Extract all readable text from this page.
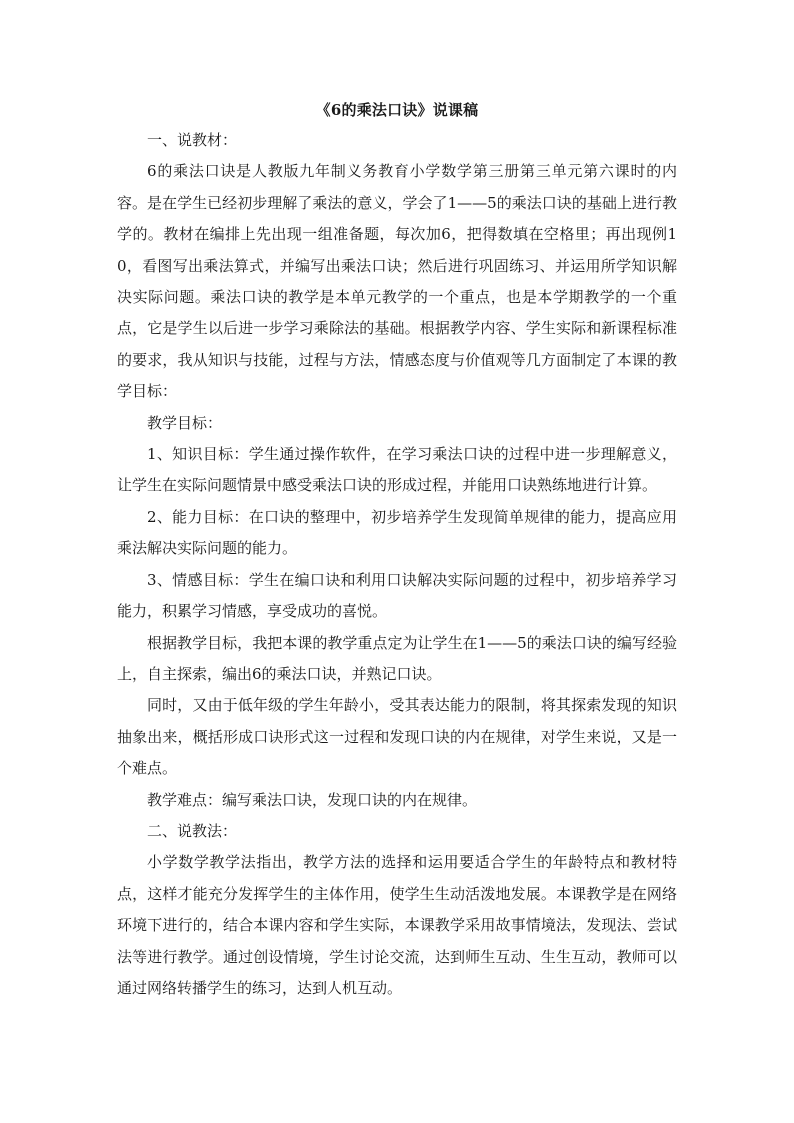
《6的乘法口诀》说课稿

一、说教材：

6的乘法口诀是人教版九年制义务教育小学数学第三册第三单元第六课时的内容。是在学生已经初步理解了乘法的意义，学会了1——5的乘法口诀的基础上进行教学的。教材在编排上先出现一组准备题，每次加6，把得数填在空格里；再出现例10，看图写出乘法算式，并编写出乘法口诀；然后进行巩固练习、并运用所学知识解决实际问题。乘法口诀的教学是本单元教学的一个重点，也是本学期教学的一个重点，它是学生以后进一步学习乘除法的基础。根据教学内容、学生实际和新课程标准的要求，我从知识与技能，过程与方法，情感态度与价值观等几方面制定了本课的教学目标：

教学目标：

1、知识目标：学生通过操作软件，在学习乘法口诀的过程中进一步理解意义，让学生在实际问题情景中感受乘法口诀的形成过程，并能用口诀熟练地进行计算。

2、能力目标：在口诀的整理中，初步培养学生发现简单规律的能力，提高应用乘法解决实际问题的能力。

3、情感目标：学生在编口诀和利用口诀解决实际问题的过程中，初步培养学习能力，积累学习情感，享受成功的喜悦。

根据教学目标，我把本课的教学重点定为让学生在1——5的乘法口诀的编写经验上，自主探索，编出6的乘法口诀，并熟记口诀。

同时，又由于低年级的学生年龄小，受其表达能力的限制，将其探索发现的知识抽象出来，概括形成口诀形式这一过程和发现口诀的内在规律，对学生来说，又是一个难点。

教学难点：编写乘法口诀，发现口诀的内在规律。

二、说教法：

小学数学教学法指出，教学方法的选择和运用要适合学生的年龄特点和教材特点，这样才能充分发挥学生的主体作用，使学生生动活泼地发展。本课教学是在网络环境下进行的，结合本课内容和学生实际，本课教学采用故事情境法，发现法、尝试法等进行教学。通过创设情境，学生讨论交流，达到师生互动、生生互动，教师可以通过网络转播学生的练习，达到人机互动。
